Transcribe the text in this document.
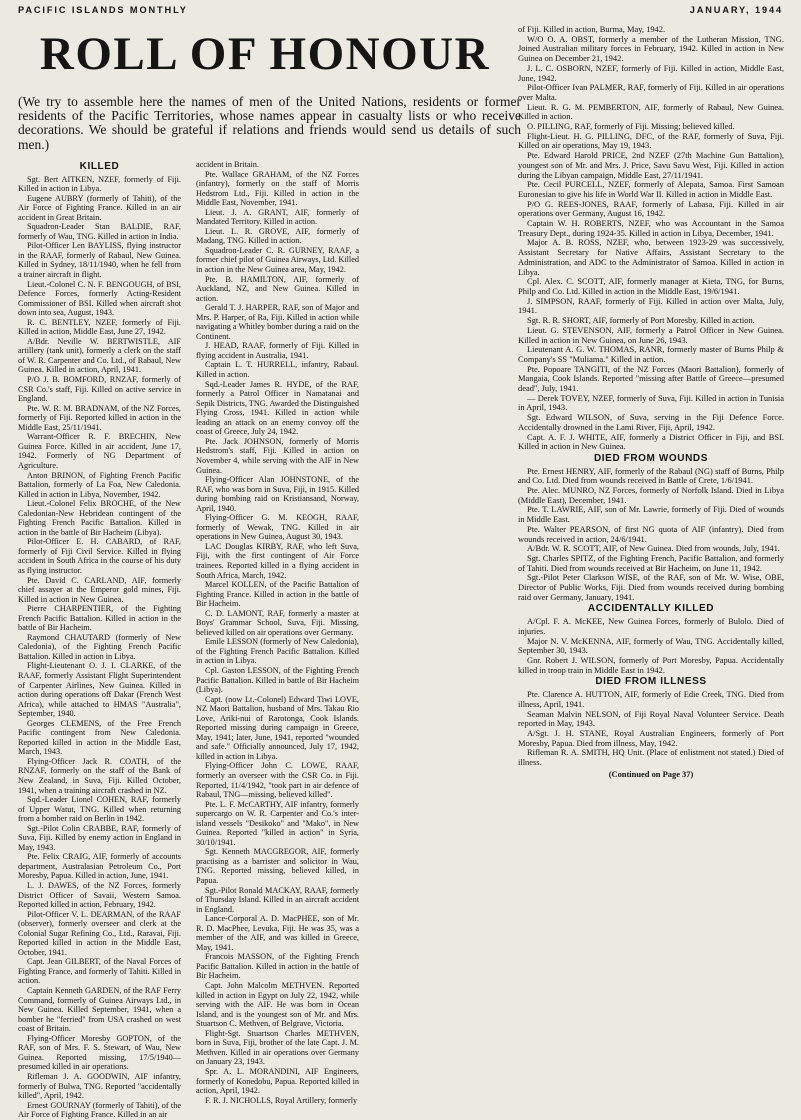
PACIFIC ISLANDS MONTHLY	JANUARY, 1944
ROLL OF HONOUR
(We try to assemble here the names of men of the United Nations, residents or former residents of the Pacific Territories, whose names appear in casualty lists or who receive decorations. We should be grateful if relations and friends would send us details of such men.)
KILLED

Sgt. Bert AITKEN, NZEF, formerly of Fiji. Killed in action in Libya.

Eugene AUBRY (formerly of Tahiti), of the Air Force of Fighting France. Killed in an air accident in Great Britain.

Squadron-Leader Stan BALDIE, RAF, formerly of Wau, TNG. Killed in action in India.

Pilot-Officer Len BAYLISS, flying instructor in the RAAF, formerly of Rabaul, New Guinea. Killed in Sydney, 18/11/1940, when he fell from a trainer aircraft in flight.

Lieut.-Colonel C. N. F. BENGOUGH, of BSI, Defence Forces, formerly Acting-Resident Commissioner of BSI. Killed when aircraft shot down into sea, August, 1943.

R. C. BENTLEY, NZEF, formerly of Fiji. Killed in action, Middle East, June 27, 1942.

A/Bdr. Neville W. BERTWISTLE, AIF artillery (tank unit), formerly a clerk on the staff of W. R. Carpenter and Co. Ltd., of Rabaul, New Guinea. Killed in action, April, 1941.

P/O J. B. BOMFORD, RNZAF, formerly of CSR Co.'s staff, Fiji. Killed on active service in England.

Pte. W. R. M. BRADNAM, of the NZ Forces, formerly of Fiji. Reported killed in action in the Middle East, 25/11/1941.

Warrant-Officer R. F. BRECHIN, New Guinea Force. Killed in air accident, June 17, 1942. Formerly of NG Department of Agriculture.

Anton BRINON, of Fighting French Pacific Battalion, formerly of La Foa, New Caledonia. Killed in action in Libya, November, 1942.

Lieut.-Colonel Felix BROCHE, of the New Caledonian-New Hebridean contingent of the Fighting French Pacific Battalion. Killed in action in the battle of Bir Hacheim (Libya).

Pilot-Officer E. H. CABARD, of RAF, formerly of Fiji Civil Service. Killed in flying accident in South Africa in the course of his duty as flying instructor.

Pte. David C. CARLAND, AIF, formerly chief assayer at the Emperor gold mines, Fiji. Killed in action in New Guinea.

Pierre CHARPENTIER, of the Fighting French Pacific Battalion. Killed in action in the battle of Bir Hacheim.

Raymond CHAUTARD (formerly of New Caledonia), of the Fighting French Pacific Battalion. Killed in action in Libya.

Flight-Lieutenant O. J. I. CLARKE, of the RAAF, formerly Assistant Flight Superintendent of Carpenter Airlines, New Guinea. Killed in action during operations off Dakar (French West Africa), while attached to HMAS "Australia", September, 1940.

Georges CLEMENS, of the Free French Pacific contingent from New Caledonia. Reported killed in action in the Middle East, March, 1943.

Flying-Officer Jack R. COATH, of the RNZAF, formerly on the staff of the Bank of New Zealand, in Suva, Fiji. Killed October, 1941, when a training aircraft crashed in NZ.

Sqd.-Leader Lionel COHEN, RAF, formerly of Upper Watut, TNG. Killed when returning from a bomber raid on Berlin in 1942.

Sgt.-Pilot Colin CRABBE, RAF, formerly of Suva, Fiji. Killed by enemy action in England in May, 1943.

Pte. Felix CRAIG, AIF, formerly of accounts department, Australasian Petroleum Co., Port Moresby, Papua. Killed in action, June, 1941.

L. J. DAWES, of the NZ Forces, formerly District Officer of Savaii, Western Samoa. Reported killed in action, February, 1942.

Pilot-Officer V. L. DEARMAN, of the RAAF (observer), formerly overseer and clerk at the Colonial Sugar Refining Co., Ltd., Raravai, Fiji. Reported killed in action in the Middle East, October, 1941.

Capt. Jean GILBERT, of the Naval Forces of Fighting France, and formerly of Tahiti. Killed in action.

Captain Kenneth GARDEN, of the RAF Ferry Command, formerly of Guinea Airways Ltd., in New Guinea. Killed September, 1941, when a bomber he "ferried" from USA crashed on west coast of Britain.

Flying-Officer Moresby GOPTON, of the RAF, son of Mrs. F. S. Stewart, of Wau, New Guinea. Reported missing, 17/5/1940—presumed killed in air operations.

Rifleman J. A. GOODWIN, AIF infantry, formerly of Bulwa, TNG. Reported "accidentally killed", April, 1942.

Ernest GOURNAY (formerly of Tahiti), of the Air Force of Fighting France. Killed in an air

accident in Britain.

Pte. Wallace GRAHAM, of the NZ Forces (infantry), formerly on the staff of Morris Hedstrom Ltd., Fiji. Killed in action in the Middle East, November, 1941.

Lieut. J. A. GRANT, AIF, formerly of Mandated Territory. Killed in action.

Lieut. L. R. GROVE, AIF, formerly of Madang, TNG. Killed in action.

Squadron-Leader C. R. GURNEY, RAAF, a former chief pilot of Guinea Airways, Ltd. Killed in action in the New Guinea area, May, 1942.

Pte. B. HAMILTON, AIF, formerly of Auckland, NZ, and New Guinea. Killed in action.

Gerald T. J. HARPER, RAF, son of Major and Mrs. P. Harper, of Ra, Fiji. Killed in action while navigating a Whitley bomber during a raid on the Continent.

J. HEAD, RAAF, formerly of Fiji. Killed in flying accident in Australia, 1941.

Captain L. T. HURRELL, infantry, Rabaul. Killed in action.

Sqd.-Leader James R. HYDE, of the RAF, formerly a Patrol Officer in Namatanai and Sepik Districts, TNG. Awarded the Distinguished Flying Cross, 1941. Killed in action while leading an attack on an enemy convoy off the coast of Greece, July 24, 1942.

Pte. Jack JOHNSON, formerly of Morris Hedstrom's staff, Fiji. Killed in action on November 4, while serving with the AIF in New Guinea.

Flying-Officer Alan JOHNSTONE, of the RAF, who was born in Suva, Fiji, in 1915. Killed during bombing raid on Kristiansand, Norway, April, 1940.

Flying-Officer G. M. KEOGH, RAAF, formerly of Wewak, TNG. Killed in air operations in New Guinea, August 30, 1943.

LAC Douglas KIRBY, RAF, who left Suva, Fiji, with the first contingent of Air Force trainees. Reported killed in a flying accident in South Africa, March, 1942.

Marcel KOLLEN, of the Pacific Battalion of Fighting France. Killed in action in the battle of Bir Hacheim.

C. D. LAMONT, RAF, formerly a master at Boys' Grammar School, Suva, Fiji. Missing, believed killed on air operations over Germany.

Emile LESSON (formerly of New Caledonia), of the Fighting French Pacific Battalion. Killed in action in Libya.

Cpl. Gaston LESSON, of the Fighting French Pacific Battalion. Killed in battle of Bir Hacheim (Libya).

Capt. (now Lt.-Colonel) Edward Tiwi LOVE, NZ Maori Battalion, husband of Mrs. Takau Rio Love, Ariki-nui of Rarotonga, Cook Islands. Reported missing during campaign in Greece, May, 1941; later, June, 1941, reported "wounded and safe." Officially announced, July 17, 1942, killed in action in Libya.

Flying-Officer John C. LOWE, RAAF, formerly an overseer with the CSR Co. in Fiji. Reported, 11/4/1942, "took part in air defence of Rabaul, TNG—missing, believed killed".

Pte. L. F. McCARTHY, AIF infantry, formerly supercargo on W. R. Carpenter and Co.'s inter-island vessels "Desikoko" and "Mako", in New Guinea. Reported "killed in action" in Syria, 30/10/1941.

Sgt. Kenneth MACGREGOR, AIF, formerly practising as a barrister and solicitor in Wau, TNG. Reported missing, believed killed, in Papua.

Sgt.-Pilot Ronald MACKAY, RAAF, formerly of Thursday Island. Killed in an aircraft accident in England.

Lance-Corporal A. D. MacPHEE, son of Mr. R. D. MacPhee, Levuka, Fiji. He was 35, was a member of the AIF, and was killed in Greece, May, 1941.

Francois MASSON, of the Fighting French Pacific Battalion. Killed in action in the battle of Bir Hacheim.

Capt. John Malcolm METHVEN. Reported killed in action in Egypt on July 22, 1942, while serving with the AIF. He was born in Ocean Island, and is the youngest son of Mr. and Mrs. Stuartson C. Methven, of Belgrave, Victoria.

Flight-Sgt. Stuartson Charles METHVEN, born in Suva, Fiji, brother of the late Capt. J. M. Methven. Killed in air operations over Germany on January 23, 1943.

Spr. A. L. MORANDINI, AIF Engineers, formerly of Konedobu, Papua. Reported killed in action, April, 1942.

F. R. J. NICHOLLS, Royal Artillery, formerly

of Fiji. Killed in action, Burma, May, 1942.

W/O O. A. OBST, formerly a member of the Lutheran Mission, TNG. Joined Australian military forces in February, 1942. Killed in action in New Guinea on December 21, 1942.

J. L. C. OSBORN, NZEF, formerly of Fiji. Killed in action, Middle East, June, 1942.

Pilot-Officer Ivan PALMER, RAF, formerly of Fiji. Killed in air operations over Malta.

Lieut. R. G. M. PEMBERTON, AIF, formerly of Rabaul, New Guinea. Killed in action.

O. PILLING, RAF, formerly of Fiji. Missing; believed killed.

Flight-Lieut. H. G. PILLING, DFC, of the RAF, formerly of Suva, Fiji. Killed on air operations, May 19, 1943.

Pte. Edward Harold PRICE, 2nd NZEF (27th Machine Gun Battalion), youngest son of Mr. and Mrs. J. Price, Savu Savu West, Fiji. Killed in action during the Libyan campaign, Middle East, 27/11/1941.

Pte. Cecil PURCELL, NZEF, formerly of Alepata, Samoa. First Samoan Euronesian to give his life in World War II. Killed in action in Middle East.

P/O G. REES-JONES, RAAF, formerly of Labasa, Fiji. Killed in air operations over Germany, August 16, 1942.

Captain W. H. ROBERTS, NZEF, who was Accountant in the Samoa Treasury Dept., during 1924-35. Killed in action in Libya, December, 1941.

Major A. B. ROSS, NZEF, who, between 1923-29 was successively, Assistant Secretary for Native Affairs, Assistant Secretary to the Administration, and ADC to the Administrator of Samoa. Killed in action in Libya.

Cpl. Alex. C. SCOTT, AIF, formerly manager at Kieta, TNG, for Burns, Philp and Co. Ltd. Killed in action in the Middle East, 19/6/1941.

J. SIMPSON, RAAF, formerly of Fiji. Killed in action over Malta, July, 1941.

Sgt. R. R. SHORT, AIF, formerly of Port Moresby. Killed in action.

Lieut. G. STEVENSON, AIF, formerly a Patrol Officer in New Guinea. Killed in action in New Guinea, on June 26, 1943.

Lieutenant A. G. W. THOMAS, RANR, formerly master of Burns Philp & Company's SS "Muliama." Killed in action.

Pte. Popoare TANGITI, of the NZ Forces (Maori Battalion), formerly of Mangaia, Cook Islands. Reported "missing after Battle of Greece—presumed dead", July, 1941.

— Derek TOVEY, NZEF, formerly of Suva, Fiji. Killed in action in Tunisia in April, 1943.

Sgt. Edward WILSON, of Suva, serving in the Fiji Defence Force. Accidentally drowned in the Lami River, Fiji, April, 1942.

Capt. A. F. J. WHITE, AIF, formerly a District Officer in Fiji, and BSI. Killed in action in New Guinea.

DIED FROM WOUNDS

Pte. Ernest HENRY, AIF, formerly of the Rabaul (NG) staff of Burns, Philp and Co. Ltd. Died from wounds received in Battle of Crete, 1/6/1941.

Pte. Alec. MUNRO, NZ Forces, formerly of Norfolk Island. Died in Libya (Middle East), December, 1941.

Pte. T. LAWRIE, AIF, son of Mr. Lawrie, formerly of Fiji. Died of wounds in Middle East.

Pte. Walter PEARSON, of first NG quota of AIF (infantry). Died from wounds received in action, 24/6/1941.

A/Bdr. W. R. SCOTT, AIF, of New Guinea. Died from wounds, July, 1941.

Sgt. Charles SPITZ, of the Fighting French, Pacific Battalion, and formerly of Tahiti. Died from wounds received at Bir Hacheim, on June 11, 1942.

Sgt.-Pilot Peter Clarkson WISE, of the RAF, son of Mr. W. Wise, OBE, Director of Public Works, Fiji. Died from wounds received during bombing raid over Germany, January, 1941.

ACCIDENTALLY KILLED

A/Cpl. F. A. McKEE, New Guinea Forces, formerly of Bulolo. Died of injuries.

Major N. V. McKENNA, AIF, formerly of Wau, TNG. Accidentally killed, September 30, 1943.

Gnr. Robert J. WILSON, formerly of Port Moresby, Papua. Accidentally killed in troop train in Middle East in 1942.

DIED FROM ILLNESS

Pte. Clarence A. HUTTON, AIF, formerly of Edie Creek, TNG. Died from illness, April, 1941.

Seaman Malvin NELSON, of Fiji Royal Naval Volunteer Service. Death reported in May, 1943.

A/Sgt. J. H. STANE, Royal Australian Engineers, formerly of Port Moresby, Papua. Died from illness, May, 1942.

Rifleman R. A. SMITH, HQ Unit. (Place of enlistment not stated.) Died of illness.

(Continued on Page 37)
